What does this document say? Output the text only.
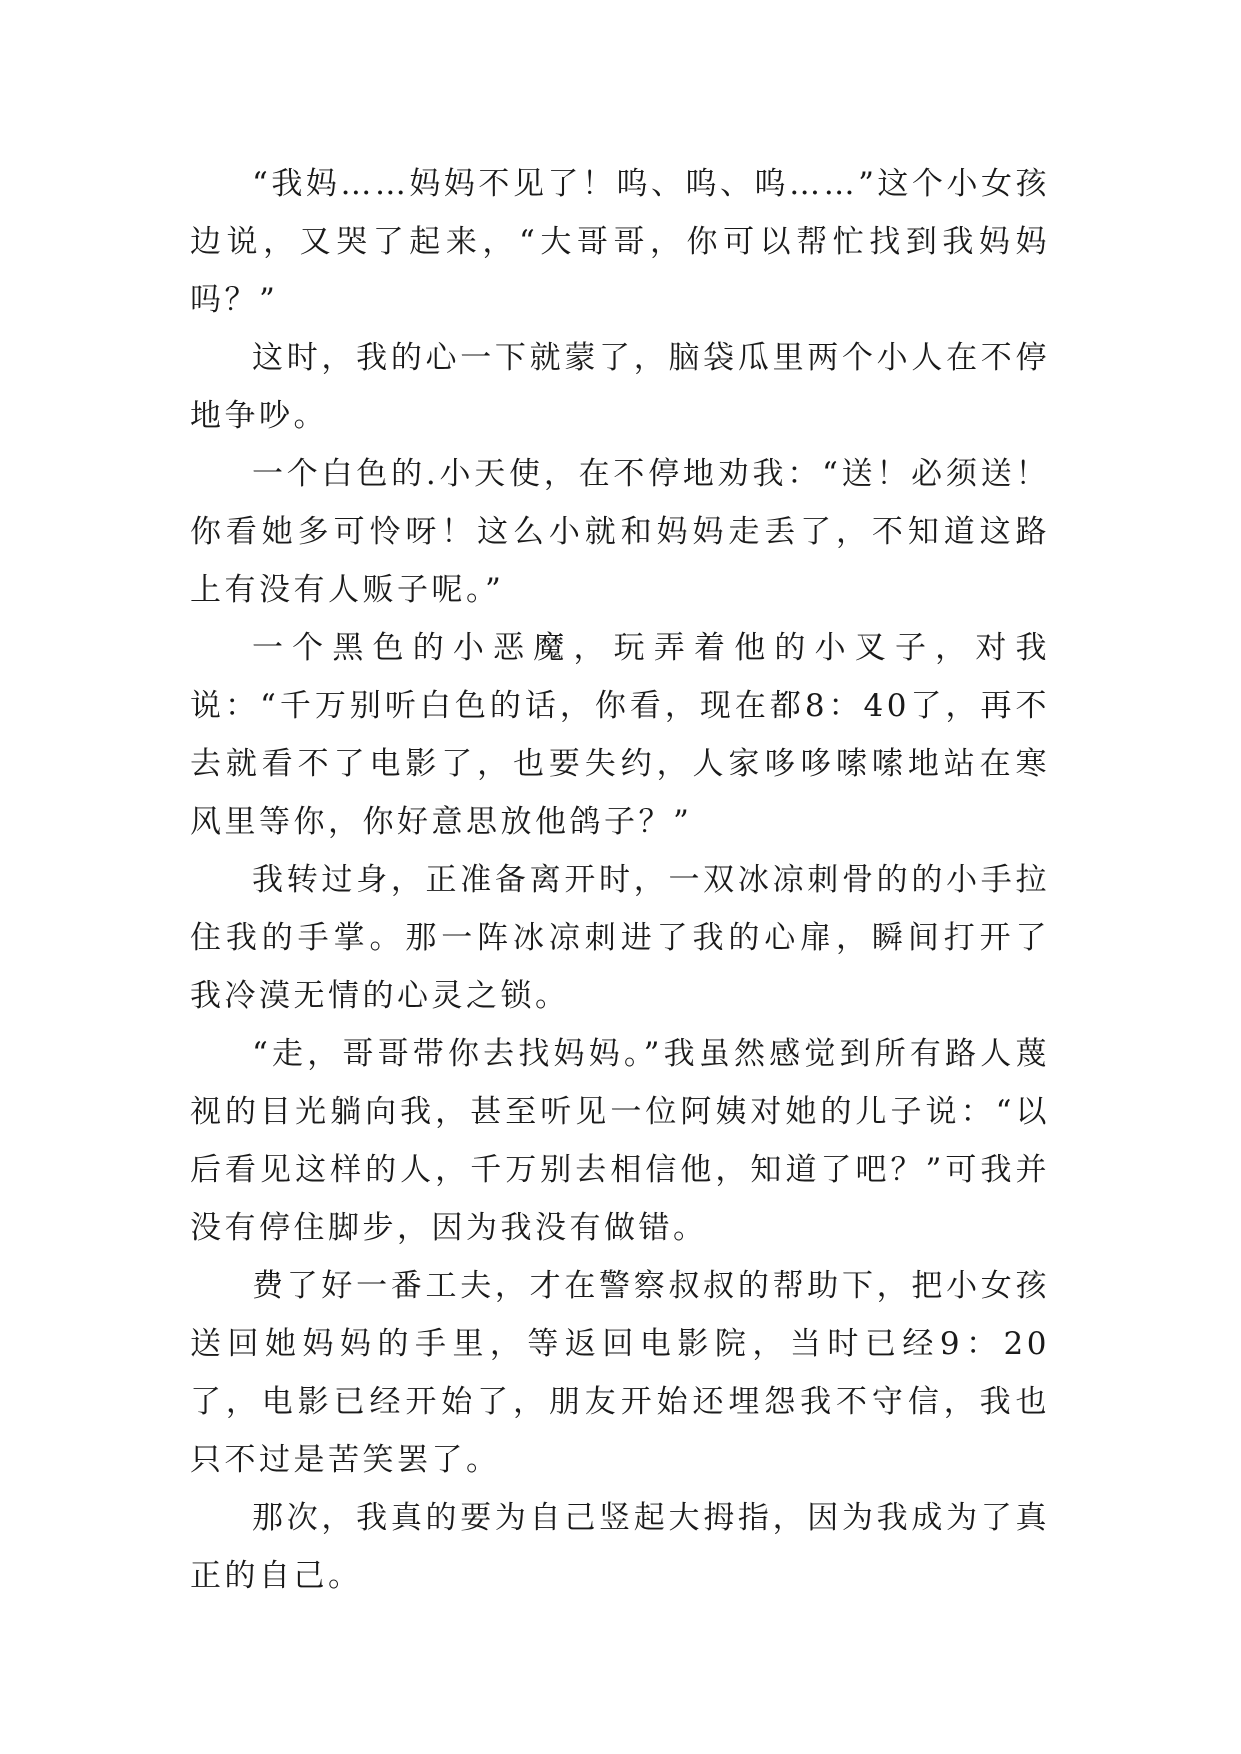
“我妈……妈妈不见了！呜、呜、呜……”这个小女孩边说，又哭了起来，“大哥哥，你可以帮忙找到我妈妈吗？”

这时，我的心一下就蒙了，脑袋瓜里两个小人在不停地争吵。

一个白色的.小天使，在不停地劝我：“送！必须送！你看她多可怜呀！这么小就和妈妈走丢了，不知道这路上有没有人贩子呢。”

一个黑色的小恶魔，玩弄着他的小叉子，对我说：“千万别听白色的话，你看，现在都8：40了，再不去就看不了电影了，也要失约，人家哆哆嗦嗦地站在寒风里等你，你好意思放他鸽子？”

我转过身，正准备离开时，一双冰凉刺骨的的小手拉住我的手掌。那一阵冰凉刺进了我的心扉，瞬间打开了我冷漠无情的心灵之锁。

“走，哥哥带你去找妈妈。”我虽然感觉到所有路人蔑视的目光躺向我，甚至听见一位阿姨对她的儿子说：“以后看见这样的人，千万别去相信他，知道了吧？”可我并没有停住脚步，因为我没有做错。

费了好一番工夫，才在警察叔叔的帮助下，把小女孩送回她妈妈的手里，等返回电影院，当时已经9：20了，电影已经开始了，朋友开始还埋怨我不守信，我也只不过是苦笑罢了。

那次，我真的要为自己竖起大拇指，因为我成为了真正的自己。
